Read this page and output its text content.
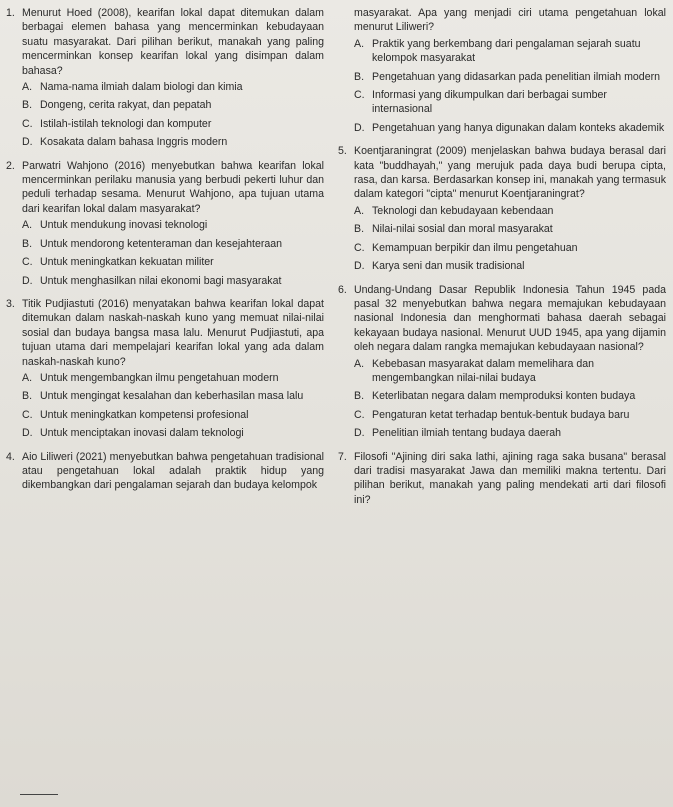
1. Menurut Hoed (2008), kearifan lokal dapat ditemukan dalam berbagai elemen bahasa yang mencerminkan kebudayaan suatu masyarakat. Dari pilihan berikut, manakah yang paling mencerminkan konsep kearifan lokal yang disimpan dalam bahasa?

A. Nama-nama ilmiah dalam biologi dan kimia
B. Dongeng, cerita rakyat, dan pepatah
C. Istilah-istilah teknologi dan komputer
D. Kosakata dalam bahasa Inggris modern
2. Parwatri Wahjono (2016) menyebutkan bahwa kearifan lokal mencerminkan perilaku manusia yang berbudi pekerti luhur dan peduli terhadap sesama. Menurut Wahjono, apa tujuan utama dari kearifan lokal dalam masyarakat?

A. Untuk mendukung inovasi teknologi
B. Untuk mendorong ketenteraman dan kesejahteraan
C. Untuk meningkatkan kekuatan militer
D. Untuk menghasilkan nilai ekonomi bagi masyarakat
3. Titik Pudjiastuti (2016) menyatakan bahwa kearifan lokal dapat ditemukan dalam naskah-naskah kuno yang memuat nilai-nilai sosial dan budaya bangsa masa lalu. Menurut Pudjiastuti, apa tujuan utama dari mempelajari kearifan lokal yang ada dalam naskah-naskah kuno?

A. Untuk mengembangkan ilmu pengetahuan modern
B. Untuk mengingat kesalahan dan keberhasilan masa lalu
C. Untuk meningkatkan kompetensi profesional
D. Untuk menciptakan inovasi dalam teknologi
4. Aio Liliweri (2021) menyebutkan bahwa pengetahuan tradisional atau pengetahuan lokal adalah praktik hidup yang dikembangkan dari pengalaman sejarah dan budaya kelompok

masyarakat. Apa yang menjadi ciri utama pengetahuan lokal menurut Liliweri?

A. Praktik yang berkembang dari pengalaman sejarah suatu kelompok masyarakat
B. Pengetahuan yang didasarkan pada penelitian ilmiah modern
C. Informasi yang dikumpulkan dari berbagai sumber internasional
D. Pengetahuan yang hanya digunakan dalam konteks akademik
5. Koentjaraningrat (2009) menjelaskan bahwa budaya berasal dari kata "buddhayah," yang merujuk pada daya budi berupa cipta, rasa, dan karsa. Berdasarkan konsep ini, manakah yang termasuk dalam kategori "cipta" menurut Koentjaraningrat?

A. Teknologi dan kebudayaan kebendaan
B. Nilai-nilai sosial dan moral masyarakat
C. Kemampuan berpikir dan ilmu pengetahuan
D. Karya seni dan musik tradisional
6. Undang-Undang Dasar Republik Indonesia Tahun 1945 pada pasal 32 menyebutkan bahwa negara memajukan kebudayaan nasional Indonesia dan menghormati bahasa daerah sebagai kekayaan budaya nasional. Menurut UUD 1945, apa yang dijamin oleh negara dalam rangka memajukan kebudayaan nasional?

A. Kebebasan masyarakat dalam memelihara dan mengembangkan nilai-nilai budaya
B. Keterlibatan negara dalam memproduksi konten budaya
C. Pengaturan ketat terhadap bentuk-bentuk budaya baru
D. Penelitian ilmiah tentang budaya daerah
7. Filosofi "Ajining diri saka lathi, ajining raga saka busana" berasal dari tradisi masyarakat Jawa dan memiliki makna tertentu. Dari pilihan berikut, manakah yang paling mendekati arti dari filosofi ini?
